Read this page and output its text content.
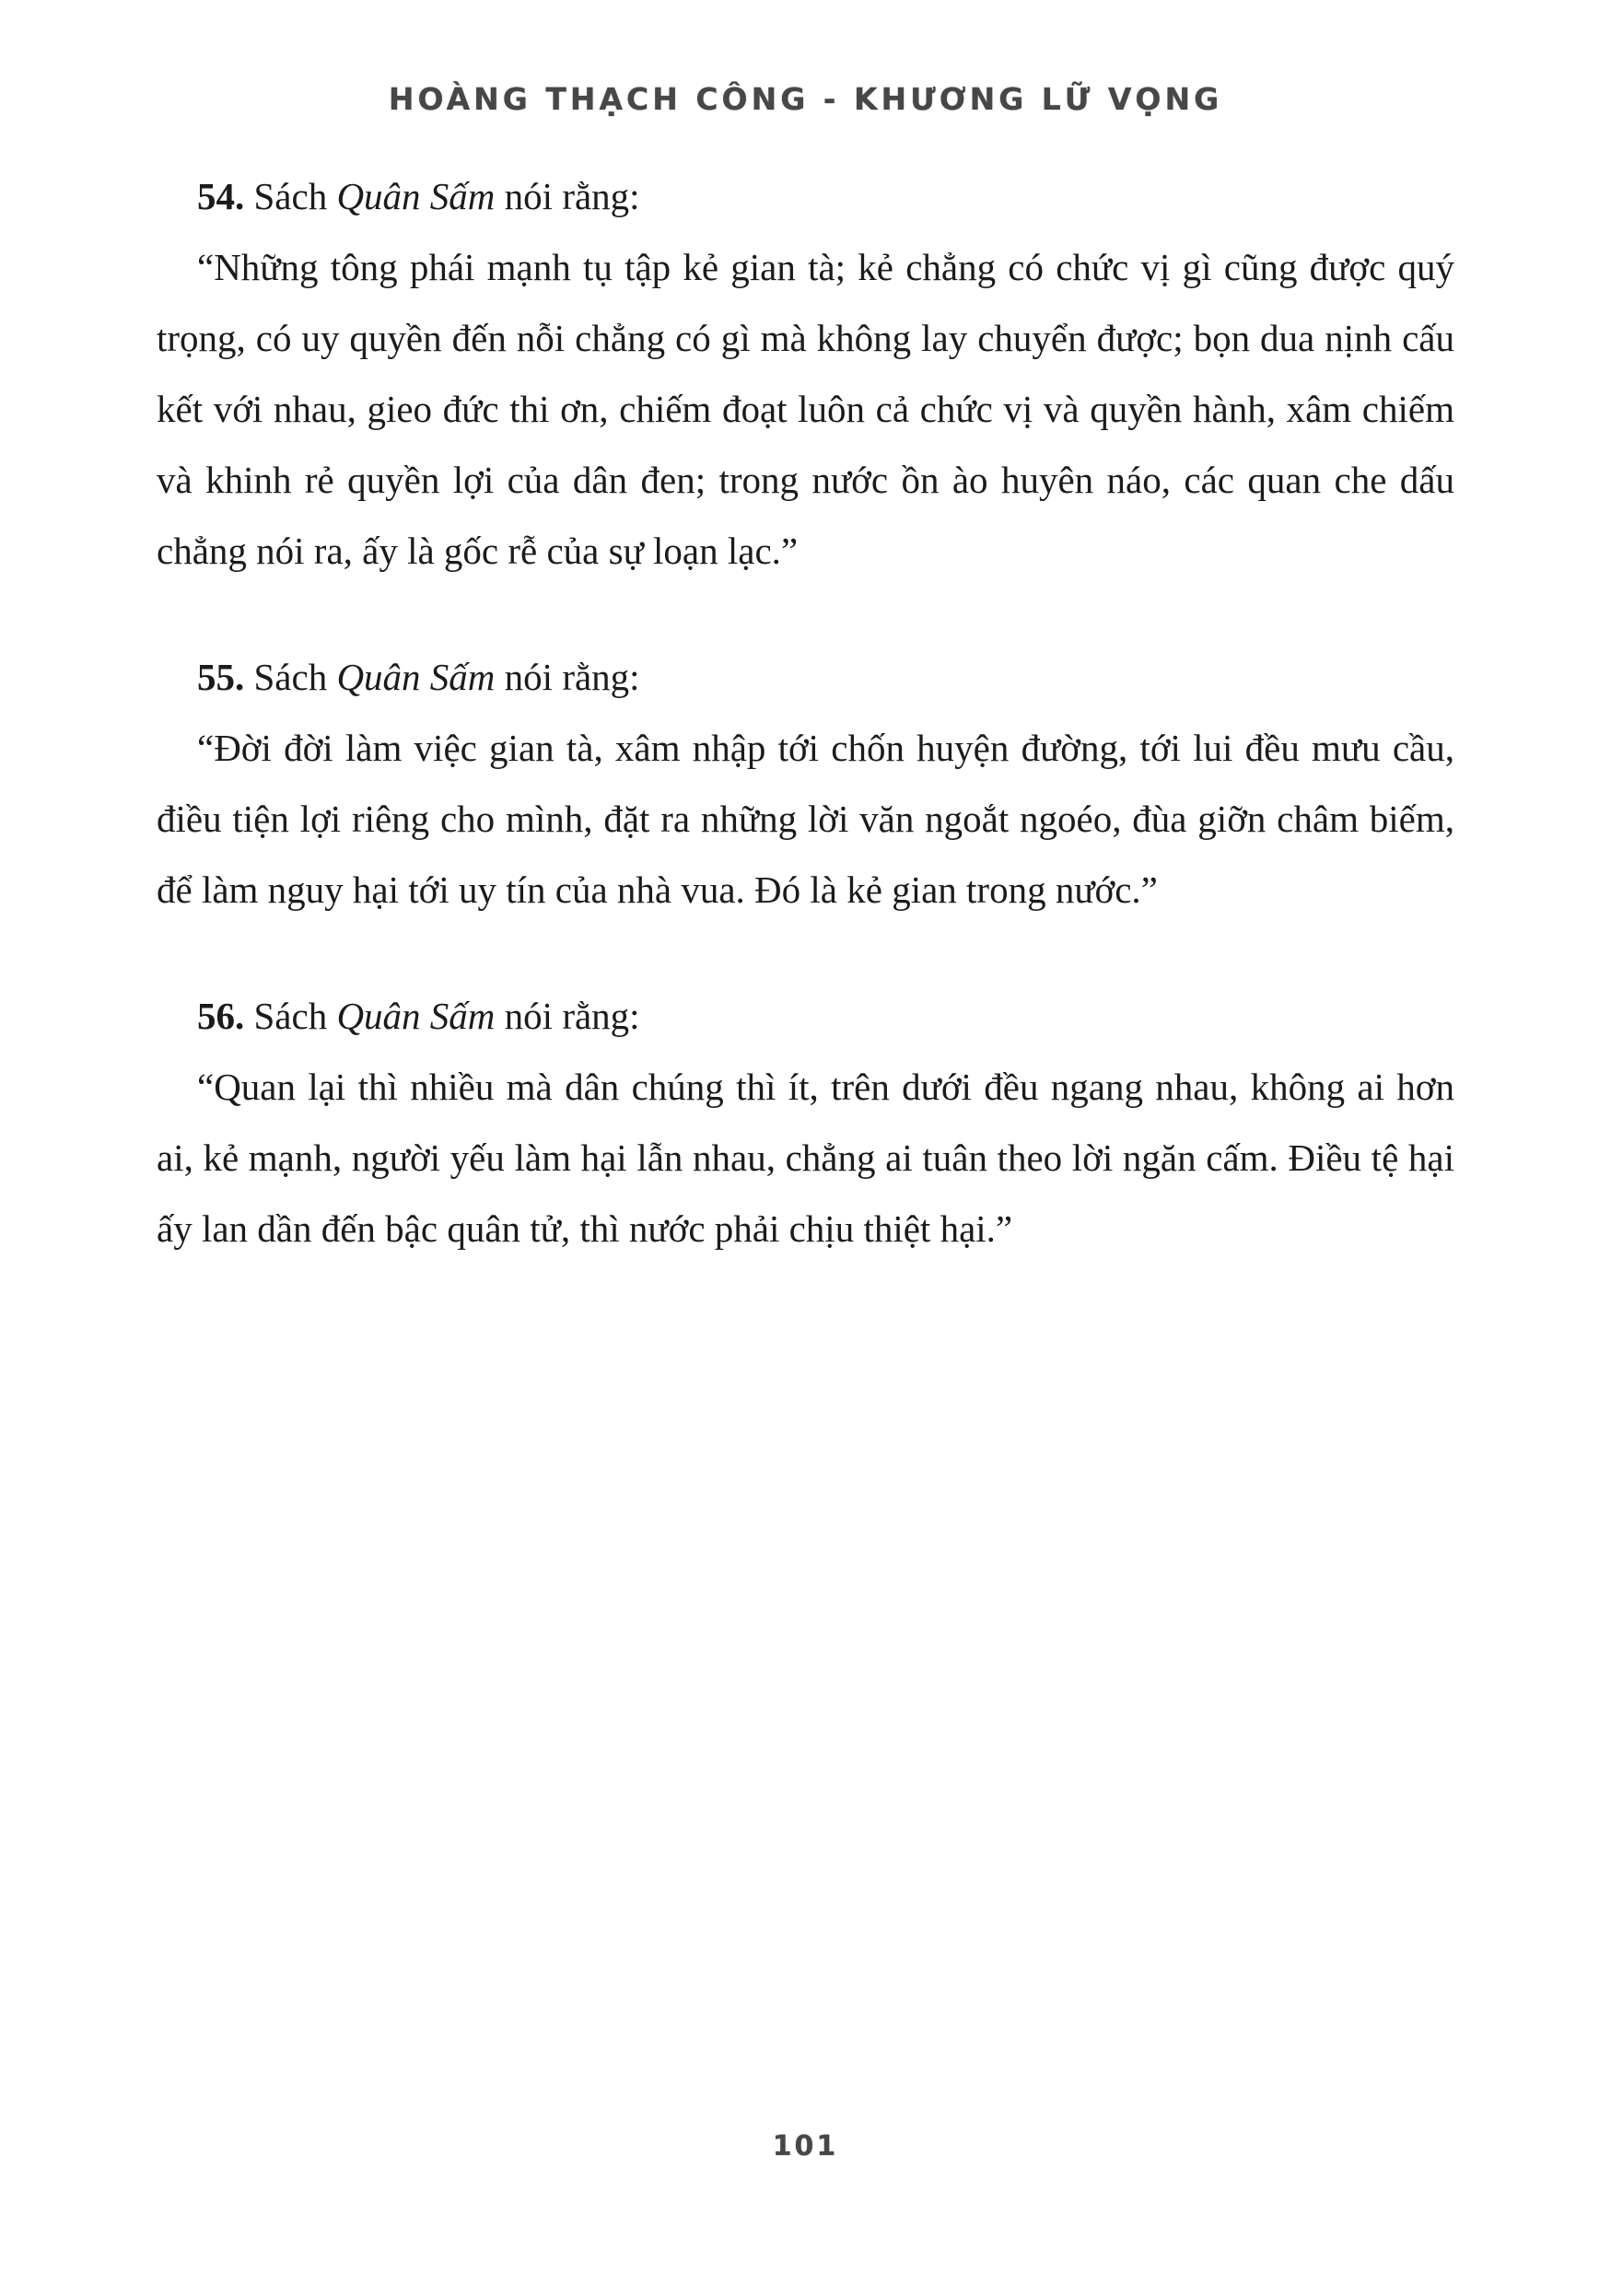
HOÀNG THẠCH CÔNG - KHƯƠNG LỮ VỌNG

54. Sách Quân Sấm nói rằng:

“Những tông phái mạnh tụ tập kẻ gian tà; kẻ chẳng có chức vị gì cũng được quý trọng, có uy quyền đến nỗi chẳng có gì mà không lay chuyển được; bọn dua nịnh cấu kết với nhau, gieo đức thi ơn, chiếm đoạt luôn cả chức vị và quyền hành, xâm chiếm và khinh rẻ quyền lợi của dân đen; trong nước ồn ào huyên náo, các quan che dấu chẳng nói ra, ấy là gốc rễ của sự loạn lạc.”

55. Sách Quân Sấm nói rằng:

“Đời đời làm việc gian tà, xâm nhập tới chốn huyện đường, tới lui đều mưu cầu, điều tiện lợi riêng cho mình, đặt ra những lời văn ngoắt ngoéo, đùa giỡn châm biếm, để làm nguy hại tới uy tín của nhà vua. Đó là kẻ gian trong nước.”

56. Sách Quân Sấm nói rằng:

“Quan lại thì nhiều mà dân chúng thì ít, trên dưới đều ngang nhau, không ai hơn ai, kẻ mạnh, người yếu làm hại lẫn nhau, chẳng ai tuân theo lời ngăn cấm. Điều tệ hại ấy lan dần đến bậc quân tử, thì nước phải chịu thiệt hại.”

101
